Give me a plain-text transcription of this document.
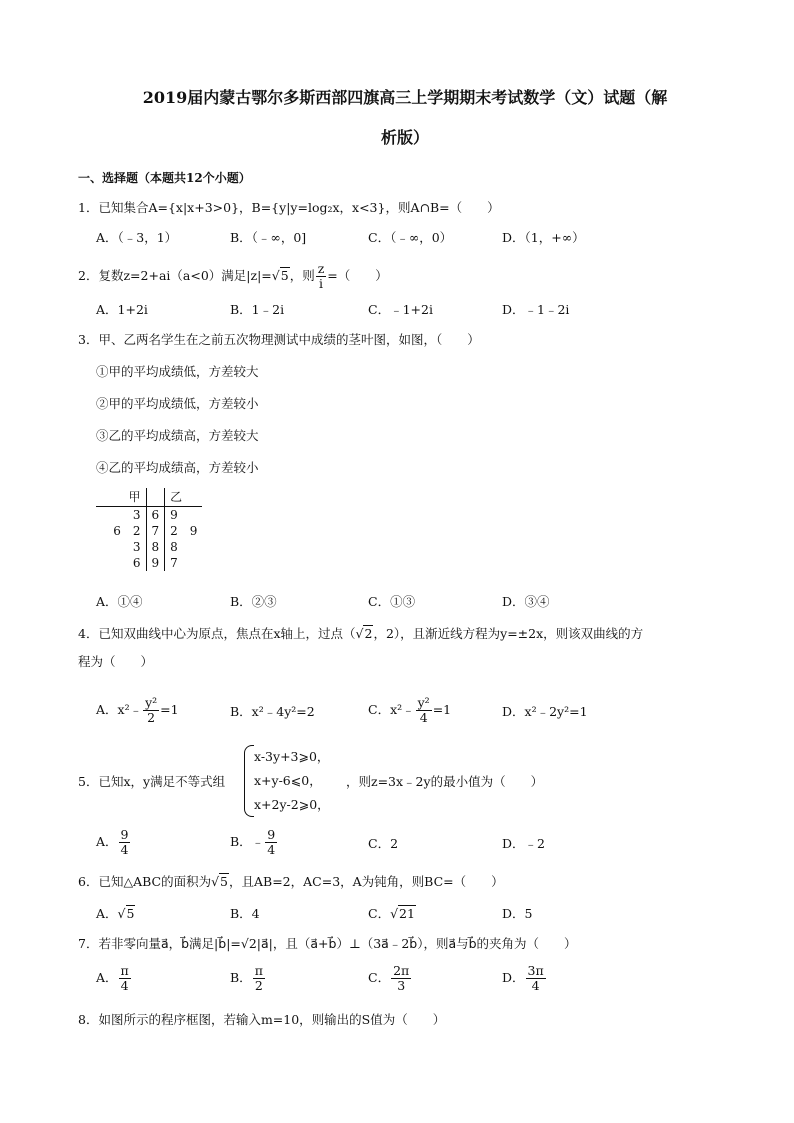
2019届内蒙古鄂尔多斯西部四旗高三上学期期末考试数学（文）试题（解
析版）
一、选择题（本题共12个小题）
1．已知集合A={x|x+3>0}，B={y|y=log₂x，x<3}，则A∩B=（　　）
A．（﹣3，1）	B．（﹣∞，0]	C．（﹣∞，0）	D．（1，+∞）
2．复数z=2+ai（a<0）满足|z|=√5，则 $\frac{z}{i}$ =（　　）
A．1+2i	B．1﹣2i	C．﹣1+2i	D．﹣1﹣2i
3．甲、乙两名学生在之前五次物理测试中成绩的茎叶图，如图，（　　）
①甲的平均成绩低，方差较大
②甲的平均成绩低，方差较小
③乙的平均成绩高，方差较大
④乙的平均成绩高，方差较小
甲		乙
3	6	9
6　2	7	2　9
3	8	8
6	9	7
A．①④	B．②③	C．①③	D．③④
4．已知双曲线中心为原点，焦点在x轴上，过点（√2，2），且渐近线方程为y=±2x，则该双曲线的方
程为（　　）
A．x²﹣ $\frac{\text{y²}}{2} =1$	B．x²﹣4y²=2	C．x²﹣ $\frac{\text{y²}}{4} =1$	D．x²﹣2y²=1
x-3y+3⩾0，
x+y-6⩽0，
x+2y-2⩾0，
5．已知x，y满足不等式组	，则z=3x﹣2y的最小值为（　　）
A． $\frac{9}{4}$	B．﹣ $\frac{9}{4}$	C．2	D．﹣2
6．已知△ABC的面积为√5，且AB=2，AC=3，A为钝角，则BC=（　　）
A．√5	B．4	C．√21	D．5
7．若非零向量a⃗，b⃗满足|b⃗|=√2|a⃗|，且（a⃗+b⃗）⊥（3a⃗﹣2b⃗），则a⃗与b⃗的夹角为（　　）
A． $\frac{\pi}{4}$	B． $\frac{\pi}{2}$	C． $\frac{2\pi}{3}$	D． $\frac{3\pi}{4}$
8．如图所示的程序框图，若输入m=10，则输出的S值为（　　）
